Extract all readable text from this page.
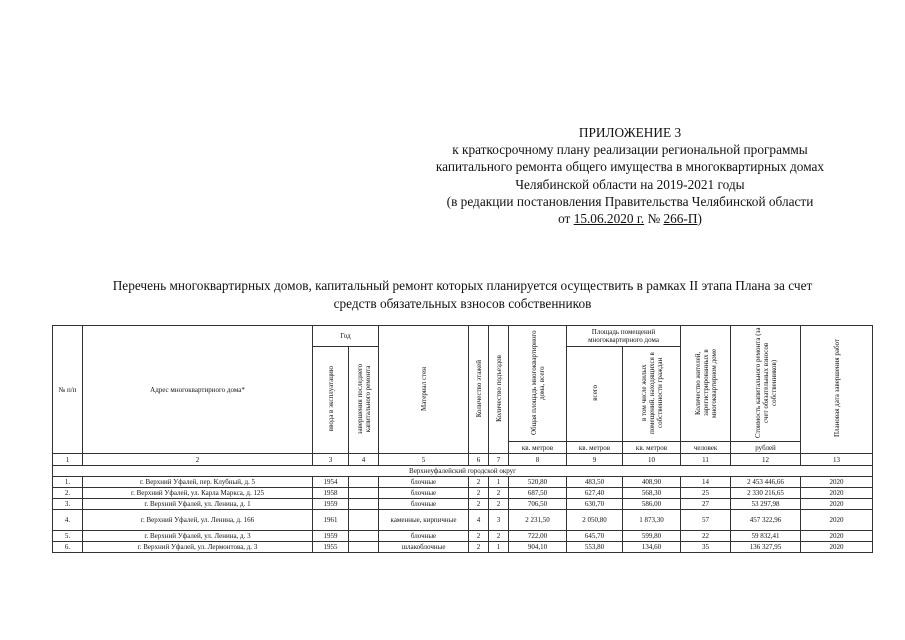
ПРИЛОЖЕНИЕ 3
к краткосрочному плану реализации региональной программы
капитального ремонта общего имущества в многоквартирных домах
Челябинской области на 2019-2021 годы
(в редакции постановления Правительства Челябинской области
от 15.06.2020 г. № 266-П)
Перечень многоквартирных домов, капитальный ремонт которых планируется осуществить в рамках II этапа Плана за счет
средств обязательных взносов собственников
№ п/п	Адрес многоквартирного дома*	Год		Материал стен	Количество этажей	Количество подъездов	Общая площадь многоквартирного дома, всего	Площадь помещений многоквартирного дома		Количество жителей, зарегистрированных в многоквартирном доме	Стоимость капитального ремонта (за счет обязательных взносов собственников)	Плановая дата завершения работ
		ввода в эксплуатацию	завершения последнего капитального ремонта					всего	в том числе жилых помещений, находящихся в собственности граждан			
							кв. метров	кв. метров	кв. метров	человек	рублей	
1	2	3	4	5	6	7	8	9	10	11	12	13
Верхнеуфалейский городской округ												
1.	г. Верхний Уфалей, пер. Клубный, д. 5	1954		блочные	2	1	520,80	483,50	408,90	14	2 453 446,66	2020
2.	г. Верхний Уфалей, ул. Карла Маркса, д. 125	1958		блочные	2	2	687,50	627,40	568,30	25	2 330 216,65	2020
3.	г. Верхний Уфалей, ул. Ленина, д. 1	1959		блочные	2	2	706,50	630,70	586,00	27	53 297,98	2020
4.	г. Верхний Уфалей, ул. Ленина, д. 166	1961		каменные, кирпичные	4	3	2 231,50	2 050,80	1 873,30	57	457 322,96	2020
5.	г. Верхний Уфалей, ул. Ленина, д. 3	1959		блочные	2	2	722,00	645,70	599,80	22	59 832,41	2020
6.	г. Верхний Уфалей, ул. Лермонтова, д. 3	1955		шлакоблочные	2	1	904,10	553,80	134,60	35	136 327,95	2020
